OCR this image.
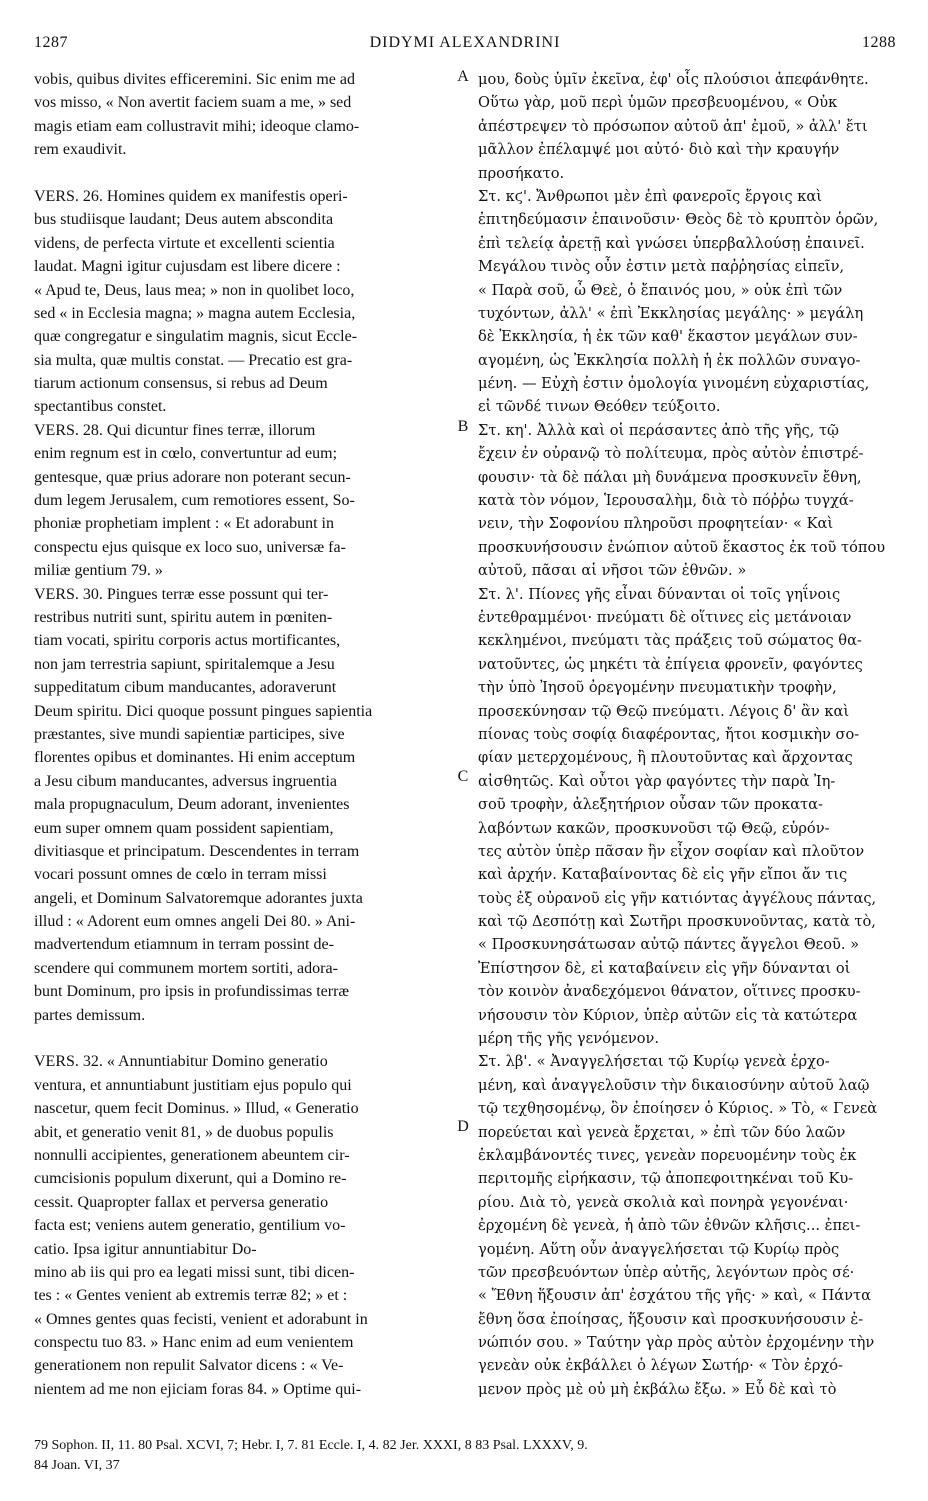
1287	DIDYMI ALEXANDRINI	1288
vobis, quibus divites efficeremini. Sic enim me ad
vos misso, « Non avertit faciem suam a me, » sed
magis etiam eam collustravit mihi; ideoque clamo-
rem exaudivit.
VERS. 26. Homines quidem ex manifestis operi-
bus studiisque laudant; Deus autem abscondita
videns, de perfecta virtute et excellenti scientia
laudat. Magni igitur cujusdam est libere dicere :
« Apud te, Deus, laus mea; » non in quolibet loco,
sed « in Ecclesia magna; » magna autem Ecclesia,
quæ congregatur e singulatim magnis, sicut Eccle-
sia multa, quæ multis constat. — Precatio est gra-
tiarum actionum consensus, si rebus ad Deum
spectantibus constet.
VERS. 28. Qui dicuntur fines terræ, illorum
enim regnum est in cœlo, convertuntur ad eum;
gentesque, quæ prius adorare non poterant secun-
dum legem Jerusalem, cum remotiores essent, So-
phoniæ prophetiam implent : « Et adorabunt in
conspectu ejus quisque ex loco suo, universæ fa-
miliæ gentium 79. »
VERS. 30. Pingues terræ esse possunt qui ter-
restribus nutriti sunt, spiritu autem in pœniten-
tiam vocati, spiritu corporis actus mortificantes,
non jam terrestria sapiunt, spiritalemque a Jesu
suppeditatum cibum manducantes, adoraverunt
Deum spiritu. Dici quoque possunt pingues sapientia
præstantes, sive mundi sapientiæ participes, sive
florentes opibus et dominantes. Hi enim acceptum
a Jesu cibum manducantes, adversus ingruentia
mala propugnaculum, Deum adorant, invenientes
eum super omnem quam possident sapientiam,
divitiasque et principatum. Descendentes in terram
vocari possunt omnes de cœlo in terram missi
angeli, et Dominum Salvatoremque adorantes juxta
illud : « Adorent eum omnes angeli Dei 80. » Ani-
madvertendum etiamnum in terram possint de-
scendere qui communem mortem sortiti, adora-
bunt Dominum, pro ipsis in profundissimas terræ
partes demissum.
VERS. 32. « Annuntiabitur Domino generatio
ventura, et annuntiabunt justitiam ejus populo qui
nascetur, quem fecit Dominus. » Illud, « Generatio
abit, et generatio venit 81, » de duobus populis
nonnulli accipientes, generationem abeuntem cir-
cumcisionis populum dixerunt, qui a Domino re-
cessit. Quapropter fallax et perversa generatio
facta est; veniens autem generatio, gentilium vo-
catio. Ipsa igitur annuntiabitur Do-
mino ab iis qui pro ea legati missi sunt, tibi dicen-
tes : « Gentes venient ab extremis terræ 82; » et :
« Omnes gentes quas fecisti, venient et adorabunt in
conspectu tuo 83. » Hanc enim ad eum venientem
generationem non repulit Salvator dicens : « Ve-
nientem ad me non ejiciam foras 84. » Optime qui-
μου, δοὺς ὑμῖν ἐκεῖνα, ἐφ' οἷς πλούσιοι ἀπεφάνθητε.
Οὕτω γὰρ, μοῦ περὶ ὑμῶν πρεσβευομένου, « Οὐκ
ἀπέστρεψεν τὸ πρόσωπον αὐτοῦ ἀπ' ἐμοῦ, » ἀλλ' ἔτι
μᾶλλον ἐπέλαμψέ μοι αὐτό· διὸ καὶ τὴν κραυγήν
προσήκατο.
Στ. κϛ'. Ἄνθρωποι μὲν ἐπὶ φανεροῖς ἔργοις καὶ
ἐπιτηδεύμασιν ἐπαινοῦσιν· Θεὸς δὲ τὸ κρυπτὸν ὁρῶν,
ἐπὶ τελείᾳ ἀρετῇ καὶ γνώσει ὑπερβαλλούσῃ ἐπαινεῖ.
Μεγάλου τινὸς οὖν ἐστιν μετὰ παῤῥησίας εἰπεῖν,
« Παρὰ σοῦ, ὦ Θεὲ, ὁ ἔπαινός μου, » οὐκ ἐπὶ τῶν
τυχόντων, ἀλλ' « ἐπὶ Ἐκκλησίας μεγάλης· » μεγάλη
δὲ Ἐκκλησία, ἡ ἐκ τῶν καθ' ἕκαστον μεγάλων συν-
αγομένη, ὡς Ἐκκλησία πολλὴ ἡ ἐκ πολλῶν συναγο-
μένη. — Εὐχὴ ἐστιν ὁμολογία γινομένη εὐχαριστίας,
εἰ τῶνδέ τινων Θεόθεν τεύξοιτο.
Στ. κη'. Ἀλλὰ καὶ οἱ περάσαντες ἀπὸ τῆς γῆς, τῷ
ἔχειν ἐν οὐρανῷ τὸ πολίτευμα, πρὸς αὐτὸν ἐπιστρέ-
φουσιν· τὰ δὲ πάλαι μὴ δυνάμενα προσκυνεῖν ἔθνη,
κατὰ τὸν νόμον, Ἱερουσαλὴμ, διὰ τὸ πόῤῥω τυγχά-
νειν, τὴν Σοφονίου πληροῦσι προφητείαν· « Καὶ
προσκυνήσουσιν ἐνώπιον αὐτοῦ ἕκαστος ἐκ τοῦ τόπου
αὐτοῦ, πᾶσαι αἱ νῆσοι τῶν ἐθνῶν. »
Στ. λ'. Πίονες γῆς εἶναι δύνανται οἱ τοῖς γηΐνοις
ἐντεθραμμένοι· πνεύματι δὲ οἵτινες εἰς μετάνοιαν
κεκλημένοι, πνεύματι τὰς πράξεις τοῦ σώματος θα-
νατοῦντες, ὡς μηκέτι τὰ ἐπίγεια φρονεῖν, φαγόντες
τὴν ὑπὸ Ἰησοῦ ὀρεγομένην πνευματικὴν τροφὴν,
προσεκύνησαν τῷ Θεῷ πνεύματι. Λέγοις δ' ἂν καὶ
πίονας τοὺς σοφίᾳ διαφέροντας, ἤτοι κοσμικὴν σο-
φίαν μετερχομένους, ἢ πλουτοῦντας καὶ ἄρχοντας
αἰσθητῶς. Καὶ οὗτοι γὰρ φαγόντες τὴν παρὰ Ἰη-
σοῦ τροφὴν, ἀλεξητήριον οὖσαν τῶν προκατα-
λαβόντων κακῶν, προσκυνοῦσι τῷ Θεῷ, εὑρόν-
τες αὐτὸν ὑπὲρ πᾶσαν ἣν εἶχον σοφίαν καὶ πλοῦτον
καὶ ἀρχήν. Καταβαίνοντας δὲ εἰς γῆν εἴποι ἄν τις
τοὺς ἐξ οὐρανοῦ εἰς γῆν κατιόντας ἀγγέλους πάντας,
καὶ τῷ Δεσπότῃ καὶ Σωτῆρι προσκυνοῦντας, κατὰ τὸ,
« Προσκυνησάτωσαν αὐτῷ πάντες ἄγγελοι Θεοῦ. »
Ἐπίστησον δὲ, εἰ καταβαίνειν εἰς γῆν δύνανται οἱ
τὸν κοινὸν ἀναδεχόμενοι θάνατον, οἵτινες προσκυ-
νήσουσιν τὸν Κύριον, ὑπὲρ αὐτῶν εἰς τὰ κατώτερα
μέρη τῆς γῆς γενόμενον.
Στ. λβ'. « Ἀναγγελήσεται τῷ Κυρίῳ γενεὰ ἐρχο-
μένη, καὶ ἀναγγελοῦσιν τὴν δικαιοσύνην αὐτοῦ λαῷ
τῷ τεχθησομένῳ, ὃν ἐποίησεν ὁ Κύριος. » Τὸ, « Γενεὰ
πορεύεται καὶ γενεὰ ἔρχεται, » ἐπὶ τῶν δύο λαῶν
ἐκλαμβάνοντές τινες, γενεὰν πορευομένην τοὺς ἐκ
περιτομῆς εἰρήκασιν, τῷ ἀποπεφοιτηκέναι τοῦ Κυ-
ρίου. Διὰ τὸ, γενεὰ σκολιὰ καὶ πονηρὰ γεγονέναι·
ἐρχομένη δὲ γενεὰ, ἡ ἀπὸ τῶν ἐθνῶν κλῆσις... ἐπει-
γομένη. Αὕτη οὖν ἀναγγελήσεται τῷ Κυρίῳ πρὸς
τῶν πρεσβευόντων ὑπὲρ αὐτῆς, λεγόντων πρὸς σέ·
« Ἔθνη ἥξουσιν ἀπ' ἐσχάτου τῆς γῆς· » καὶ, « Πάντα
ἔθνη ὅσα ἐποίησας, ἥξουσιν καὶ προσκυνήσουσιν ἐ-
νώπιόν σου. » Ταύτην γὰρ πρὸς αὐτὸν ἐρχομένην τὴν
γενεὰν οὐκ ἐκβάλλει ὁ λέγων Σωτήρ· « Τὸν ἐρχό-
μενον πρὸς μὲ οὐ μὴ ἐκβάλω ἔξω. » Εὖ δὲ καὶ τὸ
A
B
C
D
79 Sophon. II, 11. 80 Psal. XCVI, 7; Hebr. I, 7. 81 Eccle. I, 4. 82 Jer. XXXI, 8 83 Psal. LXXXV, 9.
84 Joan. VI, 37
